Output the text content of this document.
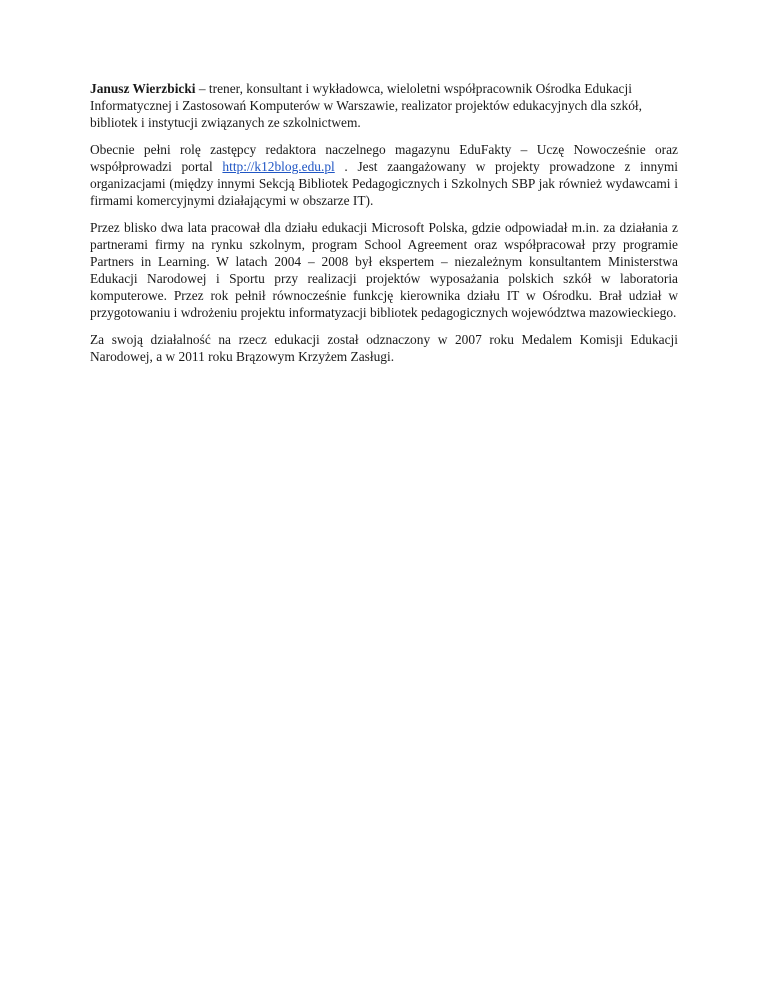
Janusz Wierzbicki – trener, konsultant i wykładowca, wieloletni współpracownik Ośrodka Edukacji Informatycznej i Zastosowań Komputerów w Warszawie, realizator projektów edukacyjnych dla szkół, bibliotek i instytucji związanych ze szkolnictwem.

Obecnie pełni rolę zastępcy redaktora naczelnego magazynu EduFakty – Uczę Nowocześnie oraz współprowadzi portal http://k12blog.edu.pl . Jest zaangażowany w projekty prowadzone z innymi organizacjami (między innymi Sekcją Bibliotek Pedagogicznych i Szkolnych SBP jak również wydawcami i firmami komercyjnymi działającymi w obszarze IT).

Przez blisko dwa lata pracował dla działu edukacji Microsoft Polska, gdzie odpowiadał m.in. za działania z partnerami firmy na rynku szkolnym, program School Agreement oraz współpracował przy programie Partners in Learning. W latach 2004 – 2008 był ekspertem – niezależnym konsultantem Ministerstwa Edukacji Narodowej i Sportu przy realizacji projektów wyposażania polskich szkół w laboratoria komputerowe. Przez rok pełnił równocześnie funkcję kierownika działu IT w Ośrodku. Brał udział w przygotowaniu i wdrożeniu projektu informatyzacji bibliotek pedagogicznych województwa mazowieckiego.

Za swoją działalność na rzecz edukacji został odznaczony w 2007 roku Medalem Komisji Edukacji Narodowej, a w 2011 roku Brązowym Krzyżem Zasługi.
